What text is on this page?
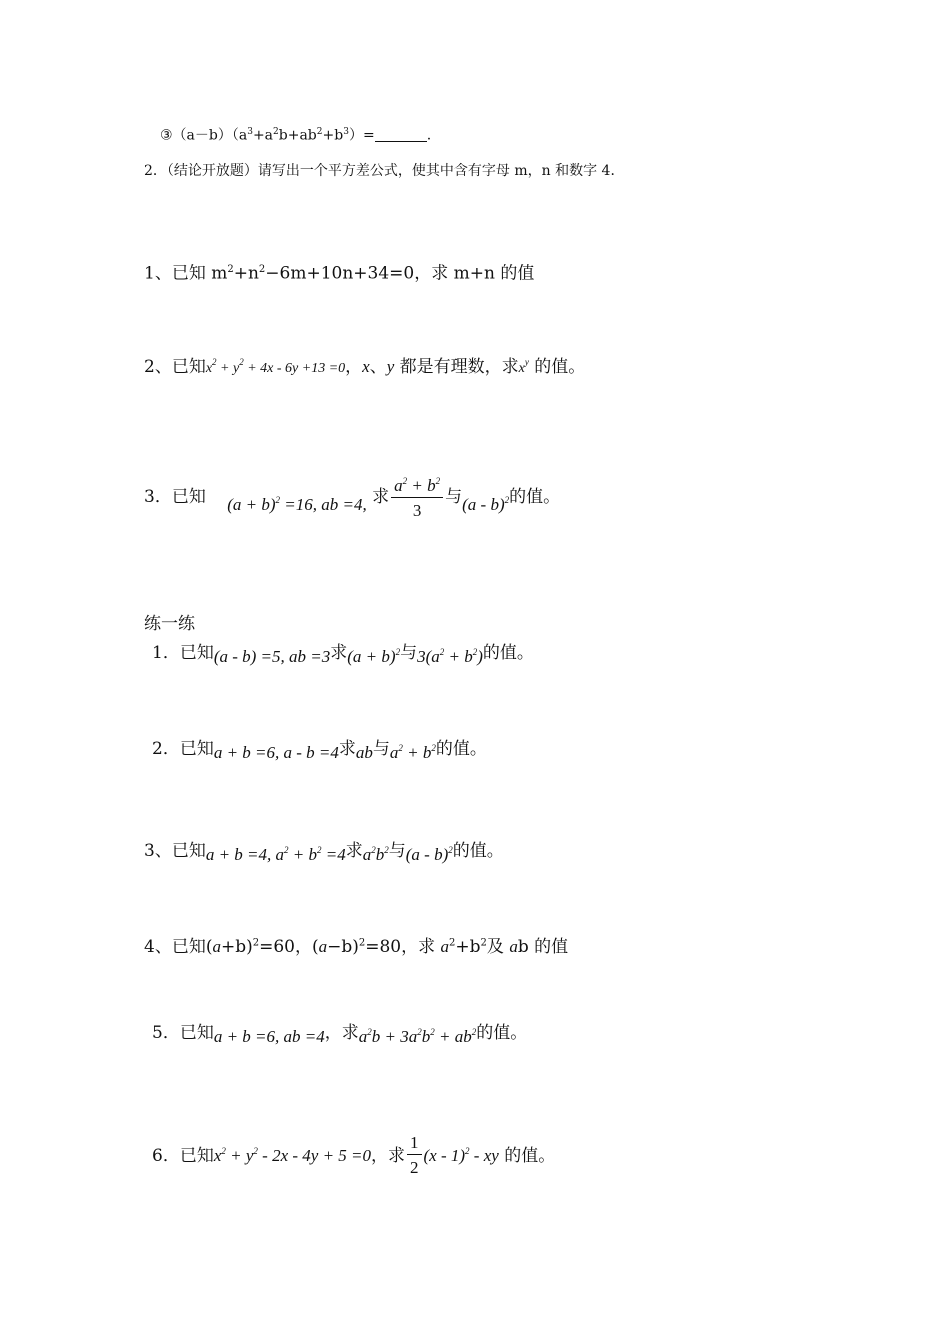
$③(a-b)(a^3+a^2b+ab^2+b^3)=$	.
2．（结论开放题）请写出一个平方差公式，使其中含有字母 m，n 和数字 4．
1、已知 $m^2+n^2-6m+10n+34=0$，求 m+n 的值
2、已知$x^2 + y^2 + 4x - 6y +13 =0$，x、y 都是有理数，求$x^y$ 的值。
3．已知 $(a + b)^2 =16$, ab =4, 求 $\frac{a^2 + b^2}{3}$ 与(a - b)$^2$的值。
练一练
1．已知(a - b) =5, ab =3求$(a + b)^2$与$3(a^2 + b^2)$的值。
2．已知a + b =6, a - b =4求ab与$a^2 + b^2$的值。
3、已知a + b =4, $a^2 + b^2 =4$求$a^2b^2$与(a - b)$^2$的值。
4、已知$(a+b)^2=60$，$(a-b)^2=80$，求 $a^2+b^2$及 ab 的值
5．已知a + b =6, ab =4，求$a^2b + 3a^2b^2 + ab^2$的值。
6．已知$x^2 + y^2 - 2x - 4y + 5 =0$，求 $\frac{1}{2} (x - 1)^2$ - xy 的值。
